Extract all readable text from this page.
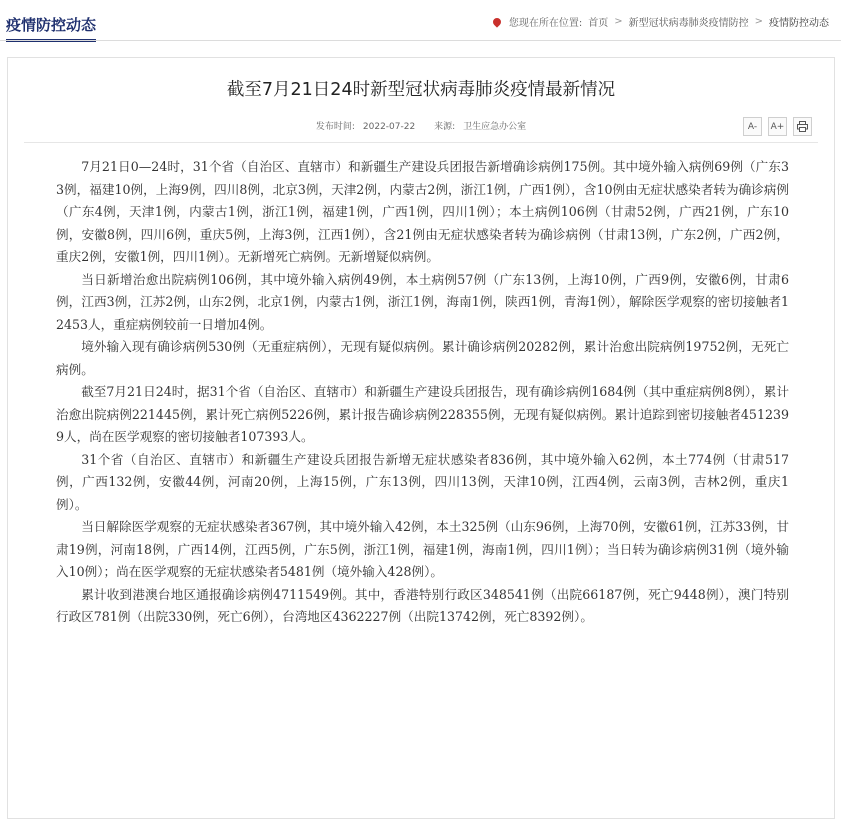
疫情防控动态	您现在所在位置: 首页 > 新型冠状病毒肺炎疫情防控 > 疫情防控动态
截至7月21日24时新型冠状病毒肺炎疫情最新情况
发布时间: 2022-07-22 来源: 卫生应急办公室	A-	A+

7月21日0—24时，31个省（自治区、直辖市）和新疆生产建设兵团报告新增确诊病例175例。其中境外输入病例69例（广东33例，福建10例，上海9例，四川8例，北京3例，天津2例，内蒙古2例，浙江1例，广西1例），含10例由无症状感染者转为确诊病例（广东4例，天津1例，内蒙古1例，浙江1例，福建1例，广西1例，四川1例）；本土病例106例（甘肃52例，广西21例，广东10例，安徽8例，四川6例，重庆5例，上海3例，江西1例），含21例由无症状感染者转为确诊病例（甘肃13例，广东2例，广西2例，重庆2例，安徽1例，四川1例）。无新增死亡病例。无新增疑似病例。

当日新增治愈出院病例106例，其中境外输入病例49例，本土病例57例（广东13例，上海10例，广西9例，安徽6例，甘肃6例，江西3例，江苏2例，山东2例，北京1例，内蒙古1例，浙江1例，海南1例，陕西1例，青海1例），解除医学观察的密切接触者12453人，重症病例较前一日增加4例。

境外输入现有确诊病例530例（无重症病例），无现有疑似病例。累计确诊病例20282例，累计治愈出院病例19752例，无死亡病例。

截至7月21日24时，据31个省（自治区、直辖市）和新疆生产建设兵团报告，现有确诊病例1684例（其中重症病例8例），累计治愈出院病例221445例，累计死亡病例5226例，累计报告确诊病例228355例，无现有疑似病例。累计追踪到密切接触者4512399人，尚在医学观察的密切接触者107393人。

31个省（自治区、直辖市）和新疆生产建设兵团报告新增无症状感染者836例，其中境外输入62例，本土774例（甘肃517例，广西132例，安徽44例，河南20例，上海15例，广东13例，四川13例，天津10例，江西4例，云南3例，吉林2例，重庆1例）。

当日解除医学观察的无症状感染者367例，其中境外输入42例，本土325例（山东96例，上海70例，安徽61例，江苏33例，甘肃19例，河南18例，广西14例，江西5例，广东5例，浙江1例，福建1例，海南1例，四川1例）；当日转为确诊病例31例（境外输入10例）；尚在医学观察的无症状感染者5481例（境外输入428例）。

累计收到港澳台地区通报确诊病例4711549例。其中，香港特别行政区348541例（出院66187例，死亡9448例），澳门特别行政区781例（出院330例，死亡6例），台湾地区4362227例（出院13742例，死亡8392例）。
